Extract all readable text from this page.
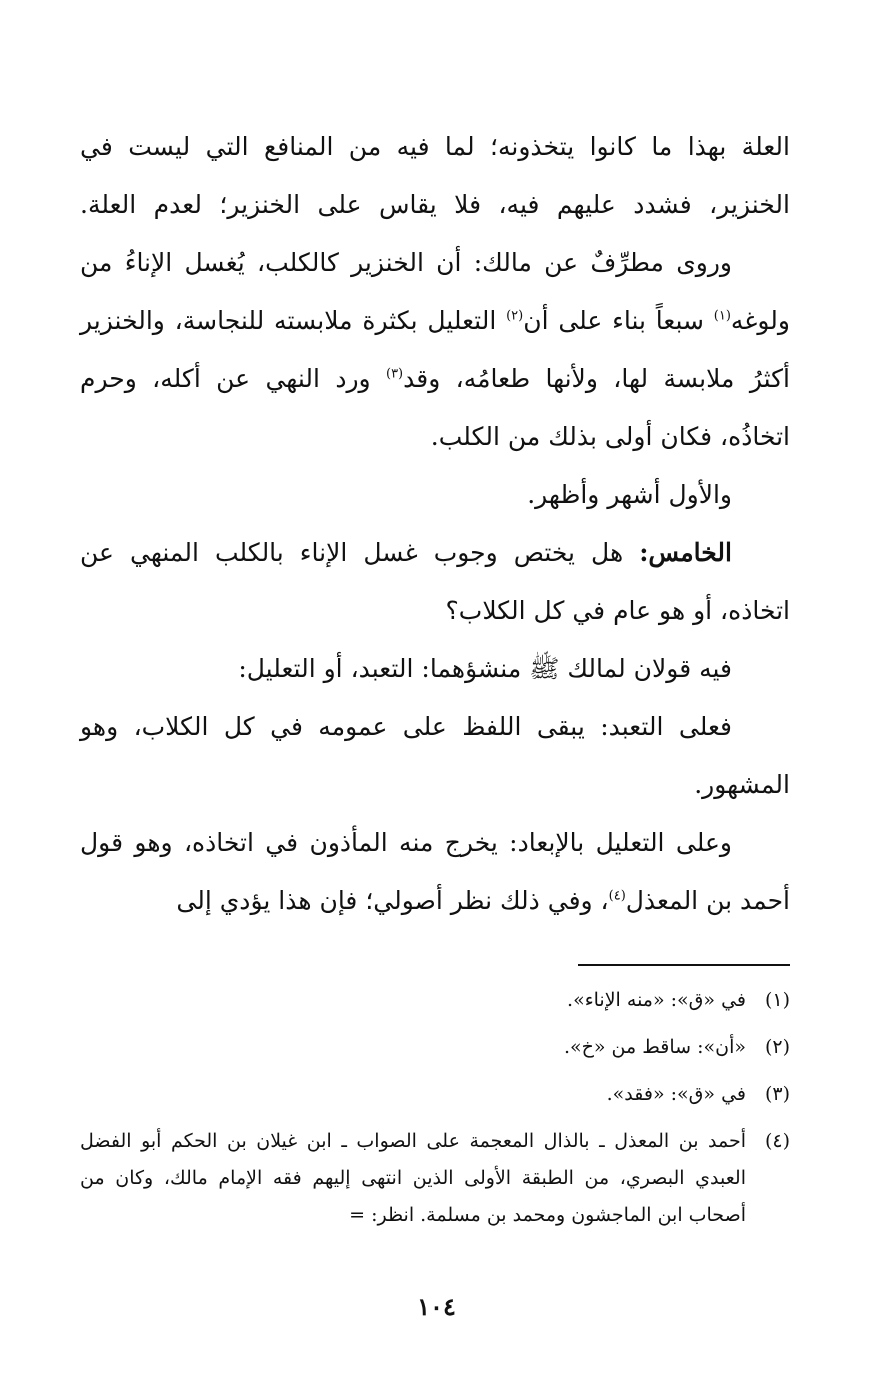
العلة بهذا ما كانوا يتخذونه؛ لما فيه من المنافع التي ليست في الخنزير، فشدد عليهم فيه، فلا يقاس على الخنزير؛ لعدم العلة.

وروى مطرِّفٌ عن مالك: أن الخنزير كالكلب، يُغسل الإناءُ من ولوغه$^{(١)}$ سبعاً بناء على أن$^{(٢)}$ التعليل بكثرة ملابسته للنجاسة، والخنزير أكثرُ ملابسة لها، ولأنها طعامُه، وقد$^{(٣)}$ ورد النهي عن أكله، وحرم اتخاذُه، فكان أولى بذلك من الكلب.

والأول أشهر وأظهر.

الخامس: هل يختص وجوب غسل الإناء بالكلب المنهي عن اتخاذه، أو هو عام في كل الكلاب؟

فيه قولان لمالك ﷺ منشؤهما: التعبد، أو التعليل:

فعلى التعبد: يبقى اللفظ على عمومه في كل الكلاب، وهو المشهور.

وعلى التعليل بالإبعاد: يخرج منه المأذون في اتخاذه، وهو قول أحمد بن المعذل$^{(٤)}$، وفي ذلك نظر أصولي؛ فإن هذا يؤدي إلى

(١)
في «ق»: «منه الإناء».
(٢)
«أن»: ساقط من «خ».
(٣)
في «ق»: «فقد».
(٤)
أحمد بن المعذل ـ بالذال المعجمة على الصواب ـ ابن غيلان بن الحكم أبو الفضل العبدي البصري، من الطبقة الأولى الذين انتهى إليهم فقه الإمام مالك، وكان من أصحاب ابن الماجشون ومحمد بن مسلمة. انظر: =
١٠٤
